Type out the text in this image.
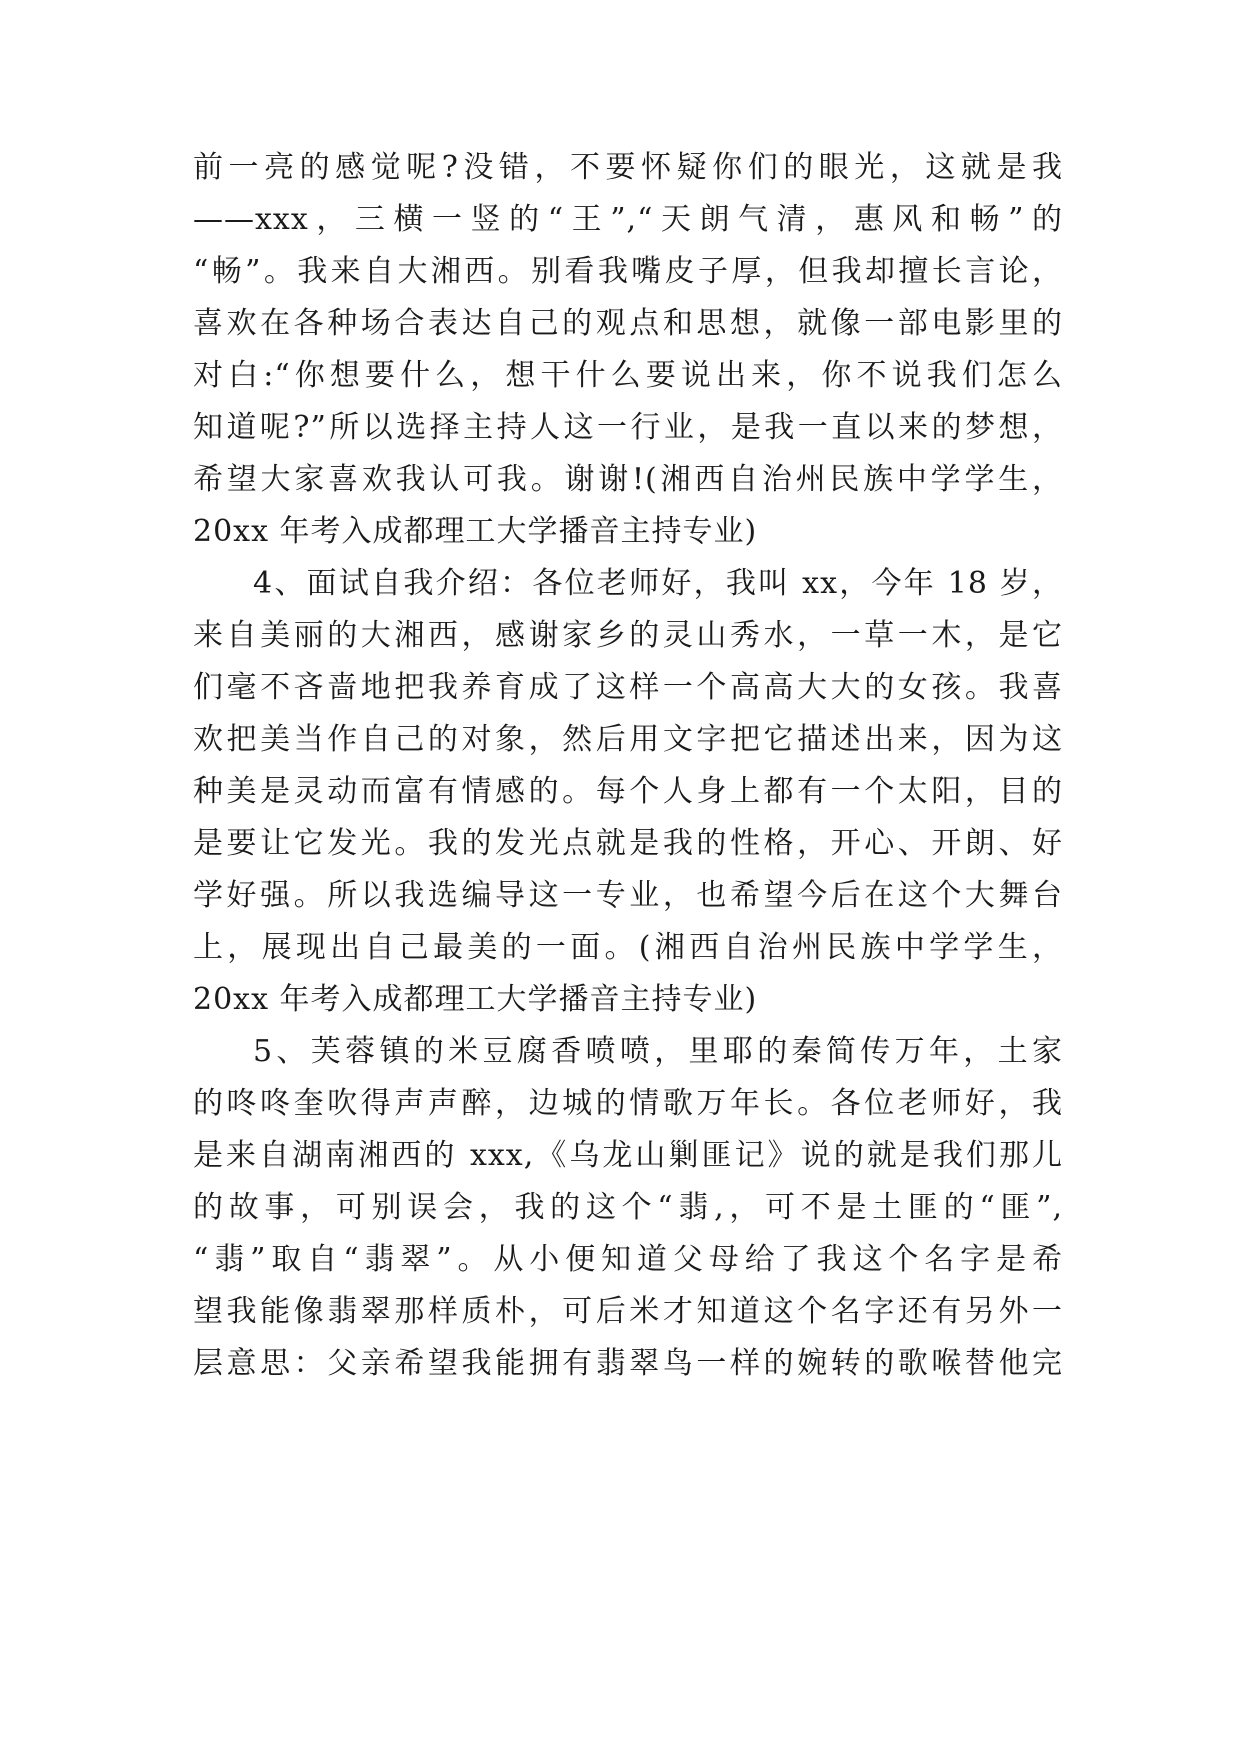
前一亮的感觉呢?没错，不要怀疑你们的眼光，这就是我
——xxx，三横一竖的“王”,“天朗气清，惠风和畅”的
“畅”。我来自大湘西。别看我嘴皮子厚，但我却擅长言论，
喜欢在各种场合表达自己的观点和思想，就像一部电影里的
对白:“你想要什么，想干什么要说出来，你不说我们怎么
知道呢?”所以选择主持人这一行业，是我一直以来的梦想，
希望大家喜欢我认可我。谢谢!(湘西自治州民族中学学生，
20xx 年考入成都理工大学播音主持专业)
4、面试自我介绍：各位老师好，我叫 xx，今年 18 岁，
来自美丽的大湘西，感谢家乡的灵山秀水，一草一木，是它
们毫不吝啬地把我养育成了这样一个高高大大的女孩。我喜
欢把美当作自己的对象，然后用文字把它描述出来，因为这
种美是灵动而富有情感的。每个人身上都有一个太阳，目的
是要让它发光。我的发光点就是我的性格，开心、开朗、好
学好强。所以我选编导这一专业，也希望今后在这个大舞台
上，展现出自己最美的一面。(湘西自治州民族中学学生，
20xx 年考入成都理工大学播音主持专业)
5、芙蓉镇的米豆腐香喷喷，里耶的秦简传万年，土家
的咚咚奎吹得声声醉，边城的情歌万年长。各位老师好，我
是来自湖南湘西的 xxx,《乌龙山剿匪记》说的就是我们那儿
的故事，可别误会，我的这个“翡,，可不是土匪的“匪”,
“翡”取自“翡翠”。从小便知道父母给了我这个名字是希
望我能像翡翠那样质朴，可后米才知道这个名字还有另外一
层意思：父亲希望我能拥有翡翠鸟一样的婉转的歌喉替他完
